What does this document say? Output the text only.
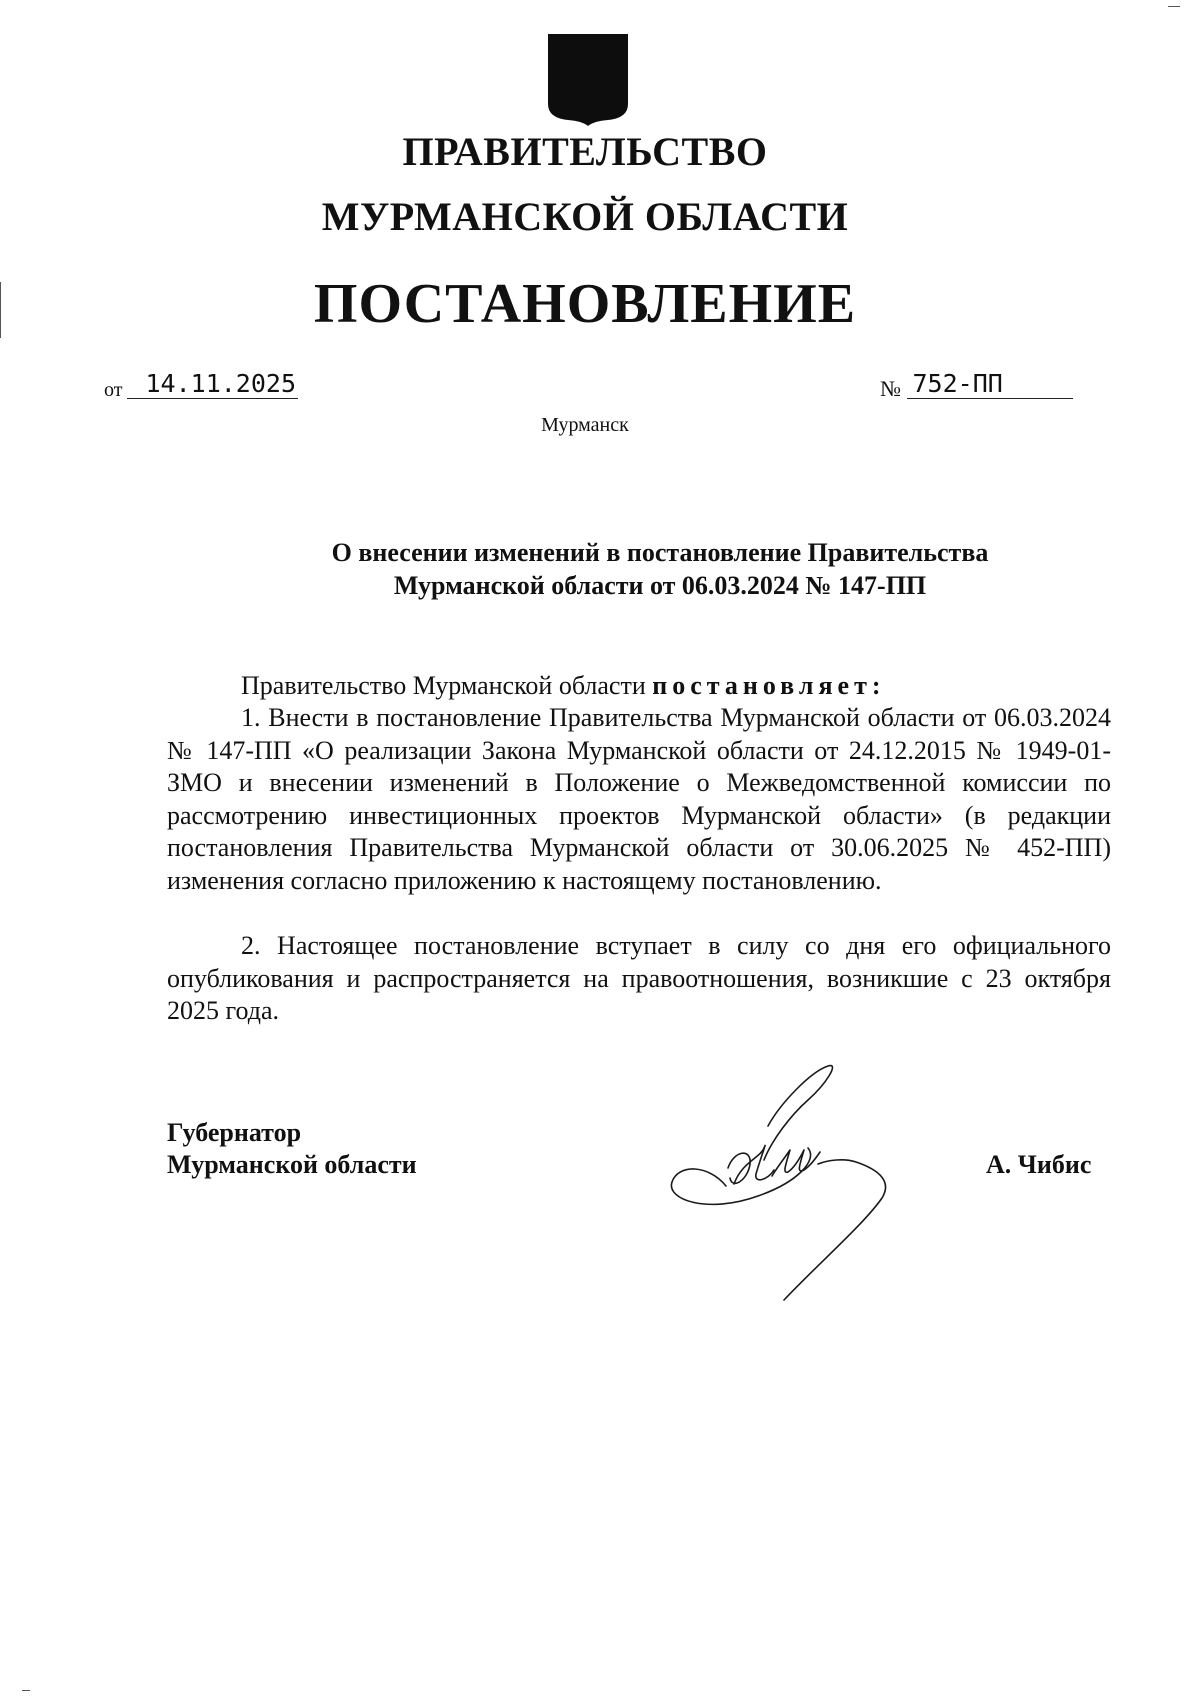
ПРАВИТЕЛЬСТВО
МУРМАНСКОЙ ОБЛАСТИ
ПОСТАНОВЛЕНИЕ
от 14.11.2025	№ 752-ПП
Мурманск
О внесении изменений в постановление Правительства
Мурманской области от 06.03.2024 № 147-ПП
Правительство Мурманской области постановляет:
1. Внести в постановление Правительства Мурманской области от 06.03.2024 № 147-ПП «О реализации Закона Мурманской области от 24.12.2015 № 1949-01-ЗМО и внесении изменений в Положение о Межведомственной комиссии по рассмотрению инвестиционных проектов Мурманской области» (в редакции постановления Правительства Мурманской области от 30.06.2025 № 452-ПП) изменения согласно приложению к настоящему постановлению.
2. Настоящее постановление вступает в силу со дня его официального опубликования и распространяется на правоотношения, возникшие с 23 октября 2025 года.
Губернатор
Мурманской области	А. Чибис
